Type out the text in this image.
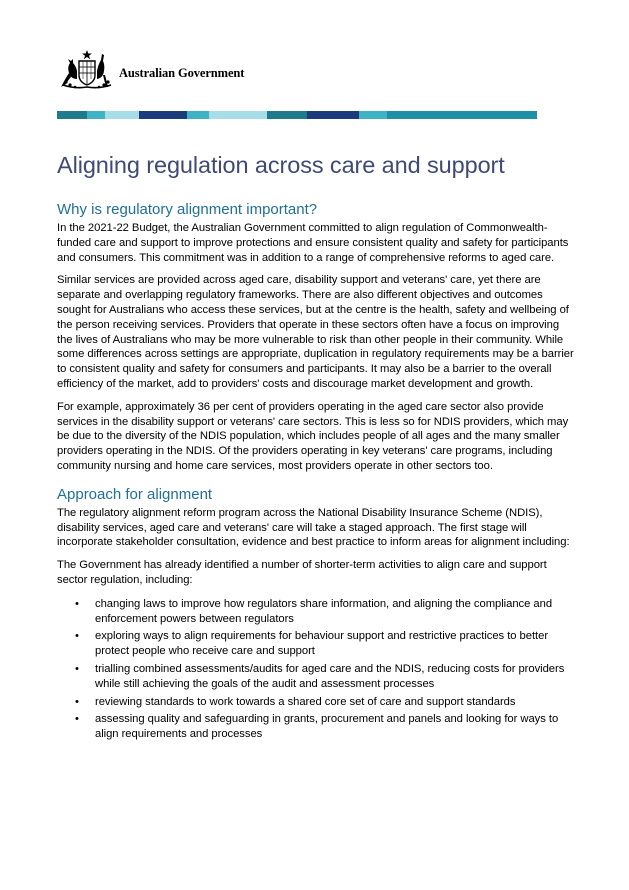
Australian Government
Aligning regulation across care and support
Why is regulatory alignment important?

In the 2021-22 Budget, the Australian Government committed to align regulation of Commonwealth-funded care and support to improve protections and ensure consistent quality and safety for participants and consumers. This commitment was in addition to a range of comprehensive reforms to aged care.

Similar services are provided across aged care, disability support and veterans' care, yet there are separate and overlapping regulatory frameworks. There are also different objectives and outcomes sought for Australians who access these services, but at the centre is the health, safety and wellbeing of the person receiving services. Providers that operate in these sectors often have a focus on improving the lives of Australians who may be more vulnerable to risk than other people in their community. While some differences across settings are appropriate, duplication in regulatory requirements may be a barrier to consistent quality and safety for consumers and participants. It may also be a barrier to the overall efficiency of the market, add to providers' costs and discourage market development and growth.

For example, approximately 36 per cent of providers operating in the aged care sector also provide services in the disability support or veterans' care sectors. This is less so for NDIS providers, which may be due to the diversity of the NDIS population, which includes people of all ages and the many smaller providers operating in the NDIS. Of the providers operating in key veterans' care programs, including community nursing and home care services, most providers operate in other sectors too.

Approach for alignment

The regulatory alignment reform program across the National Disability Insurance Scheme (NDIS), disability services, aged care and veterans' care will take a staged approach. The first stage will incorporate stakeholder consultation, evidence and best practice to inform areas for alignment including:

The Government has already identified a number of shorter-term activities to align care and support sector regulation, including:

• changing laws to improve how regulators share information, and aligning the compliance and enforcement powers between regulators
• exploring ways to align requirements for behaviour support and restrictive practices to better protect people who receive care and support
• trialling combined assessments/audits for aged care and the NDIS, reducing costs for providers while still achieving the goals of the audit and assessment processes
• reviewing standards to work towards a shared core set of care and support standards
• assessing quality and safeguarding in grants, procurement and panels and looking for ways to align requirements and processes
